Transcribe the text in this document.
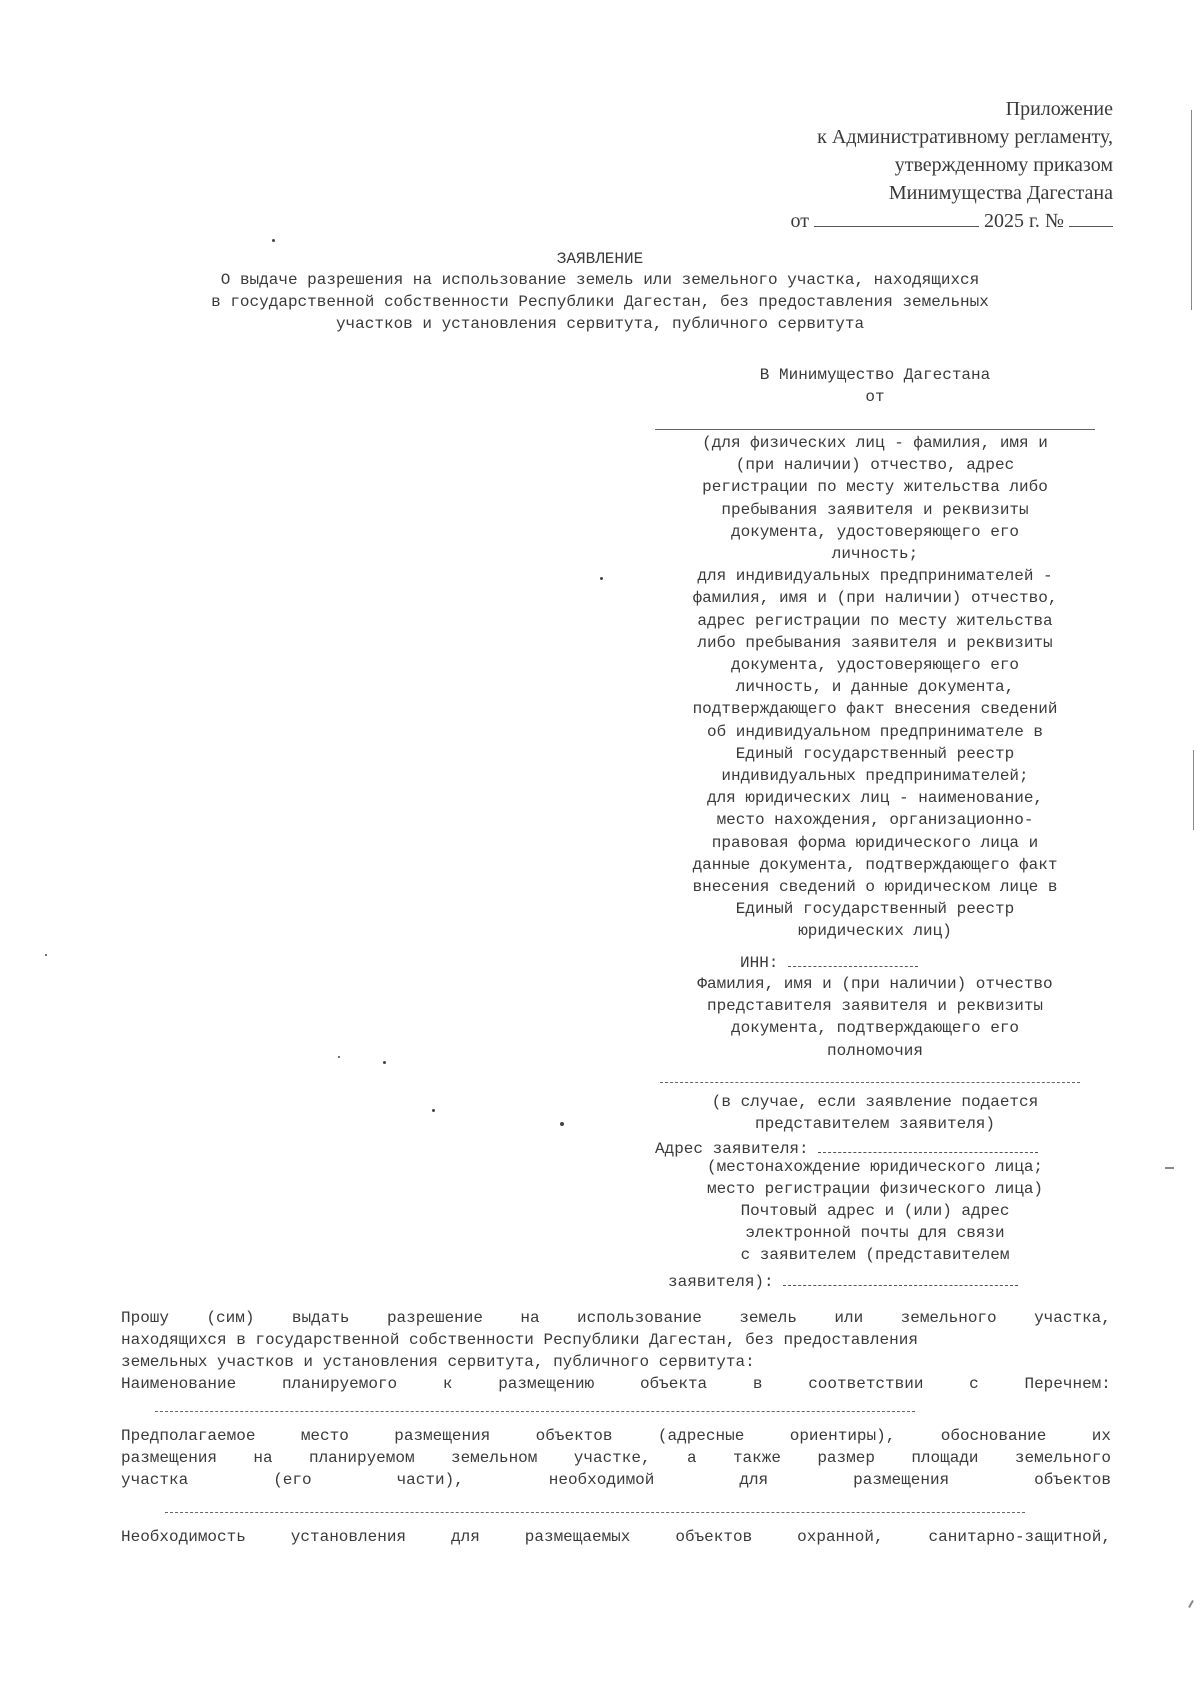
Приложение
к Административному регламенту,
утвержденному приказом
Минимущества Дагестана
от	2025 г. №
ЗАЯВЛЕНИЕ
О выдаче разрешения на использование земель или земельного участка, находящихся
в государственной собственности Республики Дагестан, без предоставления земельных
участков и установления сервитута, публичного сервитута
В Минимущество Дагестана
от
(для физических лиц - фамилия, имя и
(при наличии) отчество, адрес
регистрации по месту жительства либо
пребывания заявителя и реквизиты
документа, удостоверяющего его
личность;
для индивидуальных предпринимателей -
фамилия, имя и (при наличии) отчество,
адрес регистрации по месту жительства
либо пребывания заявителя и реквизиты
документа, удостоверяющего его
личность, и данные документа,
подтверждающего факт внесения сведений
об индивидуальном предпринимателе в
Единый государственный реестр
индивидуальных предпринимателей;
для юридических лиц - наименование,
место нахождения, организационно-
правовая форма юридического лица и
данные документа, подтверждающего факт
внесения сведений о юридическом лице в
Единый государственный реестр
юридических лиц)
ИНН:
Фамилия, имя и (при наличии) отчество
представителя заявителя и реквизиты
документа, подтверждающего его
полномочия
(в случае, если заявление подается
представителем заявителя)
Адрес заявителя:
(местонахождение юридического лица;
место регистрации физического лица)
Почтовый адрес и (или) адрес
электронной почты для связи
с заявителем (представителем
заявителя):
Прошу (сим) выдать разрешение на использование земель или земельного участка,
находящихся в государственной собственности Республики Дагестан, без предоставления
земельных участков и установления сервитута, публичного сервитута:
Наименование	планируемого	к	размещению	объекта	в	соответствии	с	Перечнем:
Предполагаемое	место	размещения	объектов	(адресные	ориентиры),	обоснование	их
размещения на планируемом земельном участке, а также размер площади земельного
участка	(его	части),	необходимой	для	размещения	объектов
Необходимость	установления	для	размещаемых	объектов	охранной,	санитарно-защитной,
